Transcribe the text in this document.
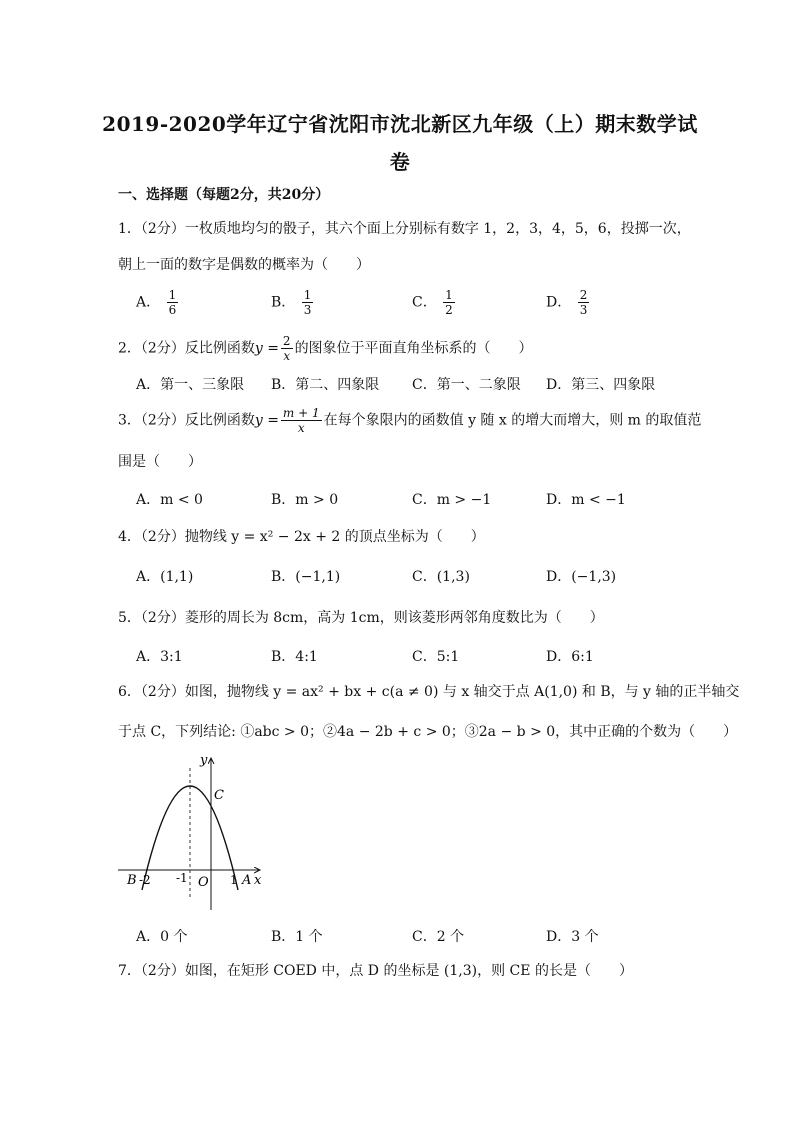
2019-2020学年辽宁省沈阳市沈北新区九年级（上）期末数学试
卷
一、选择题（每题2分，共20分）
1．（2分）一枚质地均匀的骰子，其六个面上分别标有数字 1，2，3，4，5，6，投掷一次，
朝上一面的数字是偶数的概率为（　　）
A． $\frac{1}{6}$	B． $\frac{1}{3}$	C． $\frac{1}{2}$	D． $\frac{2}{3}$
2．（2分）反比例函数$y = \frac{2}{x}$ 的图象位于平面直角坐标系的（　　）
A．第一、三象限 B．第二、四象限 C．第一、二象限 D．第三、四象限
3．（2分）反比例函数$y = \frac{m + 1}{x}$ 在每个象限内的函数值 y 随 x 的增大而增大，则 m 的取值范
围是（　　）
A．m < 0	B．m > 0	C．m > −1	D．m < −1
4．（2分）抛物线 y = x² − 2x + 2 的顶点坐标为（　　）
A．(1,1)	B．(−1,1)	C．(1,3)	D．(−1,3)
5．（2分）菱形的周长为 8cm，高为 1cm，则该菱形两邻角度数比为（　　）
A．3:1	B．4:1	C．5:1	D．6:1
6．（2分）如图，抛物线 y = ax² + bx + c(a ≠ 0) 与 x 轴交于点 A(1,0) 和 B，与 y 轴的正半轴交
于点 C，下列结论: ①abc > 0；②4a − 2b + c > 0；③2a − b > 0，其中正确的个数为（　　）
y
x
C
B -2 -1 O 1 A
A．0 个	B．1 个	C．2 个	D．3 个
7．（2分）如图，在矩形 COED 中，点 D 的坐标是 (1,3)，则 CE 的长是（　　）
